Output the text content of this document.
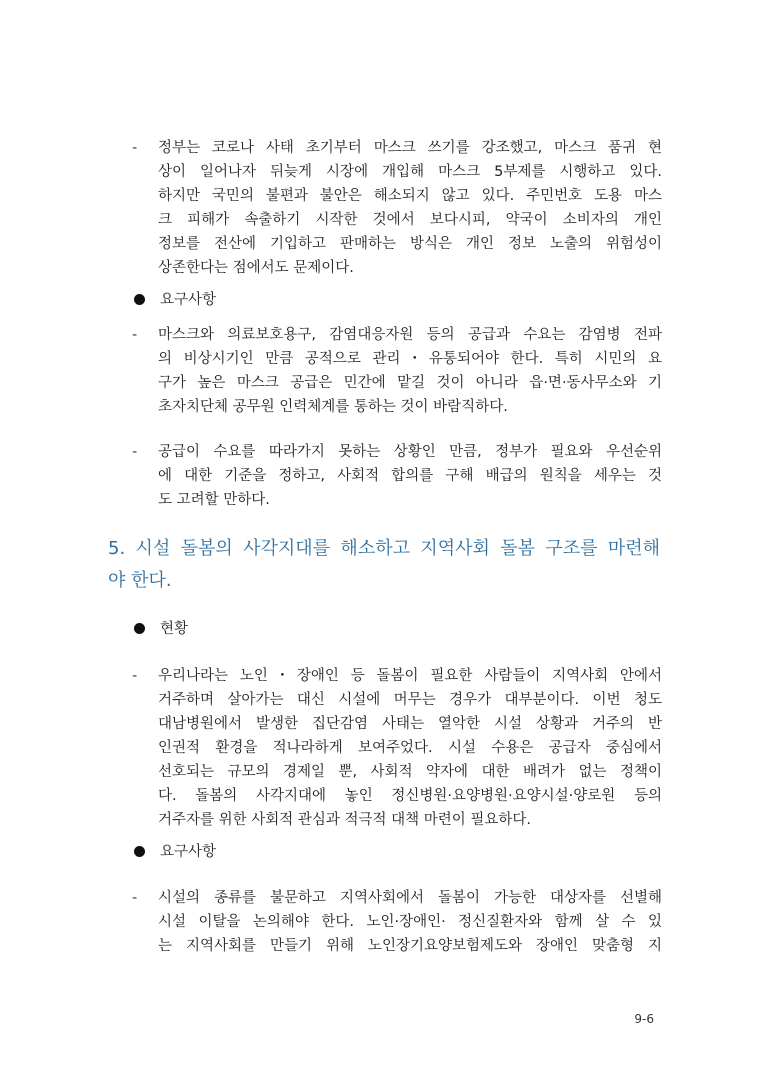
-	정부는 코로나 사태 초기부터 마스크 쓰기를 강조했고, 마스크 품귀 현
상이 일어나자 뒤늦게 시장에 개입해 마스크 5부제를 시행하고 있다.
하지만 국민의 불편과 불안은 해소되지 않고 있다. 주민번호 도용 마스
크 피해가 속출하기 시작한 것에서 보다시피, 약국이 소비자의 개인
정보를 전산에 기입하고 판매하는 방식은 개인 정보 노출의 위험성이
상존한다는 점에서도 문제이다.
요구사항
-	마스크와 의료보호용구, 감염대응자원 등의 공급과 수요는 감염병 전파
의 비상시기인 만큼 공적으로 관리・유통되어야 한다. 특히 시민의 요
구가 높은 마스크 공급은 민간에 맡길 것이 아니라 읍·면·동사무소와 기
초자치단체 공무원 인력체계를 통하는 것이 바람직하다.
-	공급이 수요를 따라가지 못하는 상황인 만큼, 정부가 필요와 우선순위
에 대한 기준을 정하고, 사회적 합의를 구해 배급의 원칙을 세우는 것
도 고려할 만하다.
5. 시설 돌봄의 사각지대를 해소하고 지역사회 돌봄 구조를 마련해
야 한다.
현황
-	우리나라는 노인・장애인 등 돌봄이 필요한 사람들이 지역사회 안에서
거주하며 살아가는 대신 시설에 머무는 경우가 대부분이다. 이번 청도
대남병원에서 발생한 집단감염 사태는 열악한 시설 상황과 거주의 반
인권적 환경을 적나라하게 보여주었다. 시설 수용은 공급자 중심에서
선호되는 규모의 경제일 뿐, 사회적 약자에 대한 배려가 없는 정책이
다. 돌봄의 사각지대에 놓인 정신병원·요양병원·요양시설·양로원 등의
거주자를 위한 사회적 관심과 적극적 대책 마련이 필요하다.
요구사항
-	시설의 종류를 불문하고 지역사회에서 돌봄이 가능한 대상자를 선별해
시설 이탈을 논의해야 한다. 노인·장애인· 정신질환자와 함께 살 수 있
는 지역사회를 만들기 위해 노인장기요양보험제도와 장애인 맞춤형 지
9-6
